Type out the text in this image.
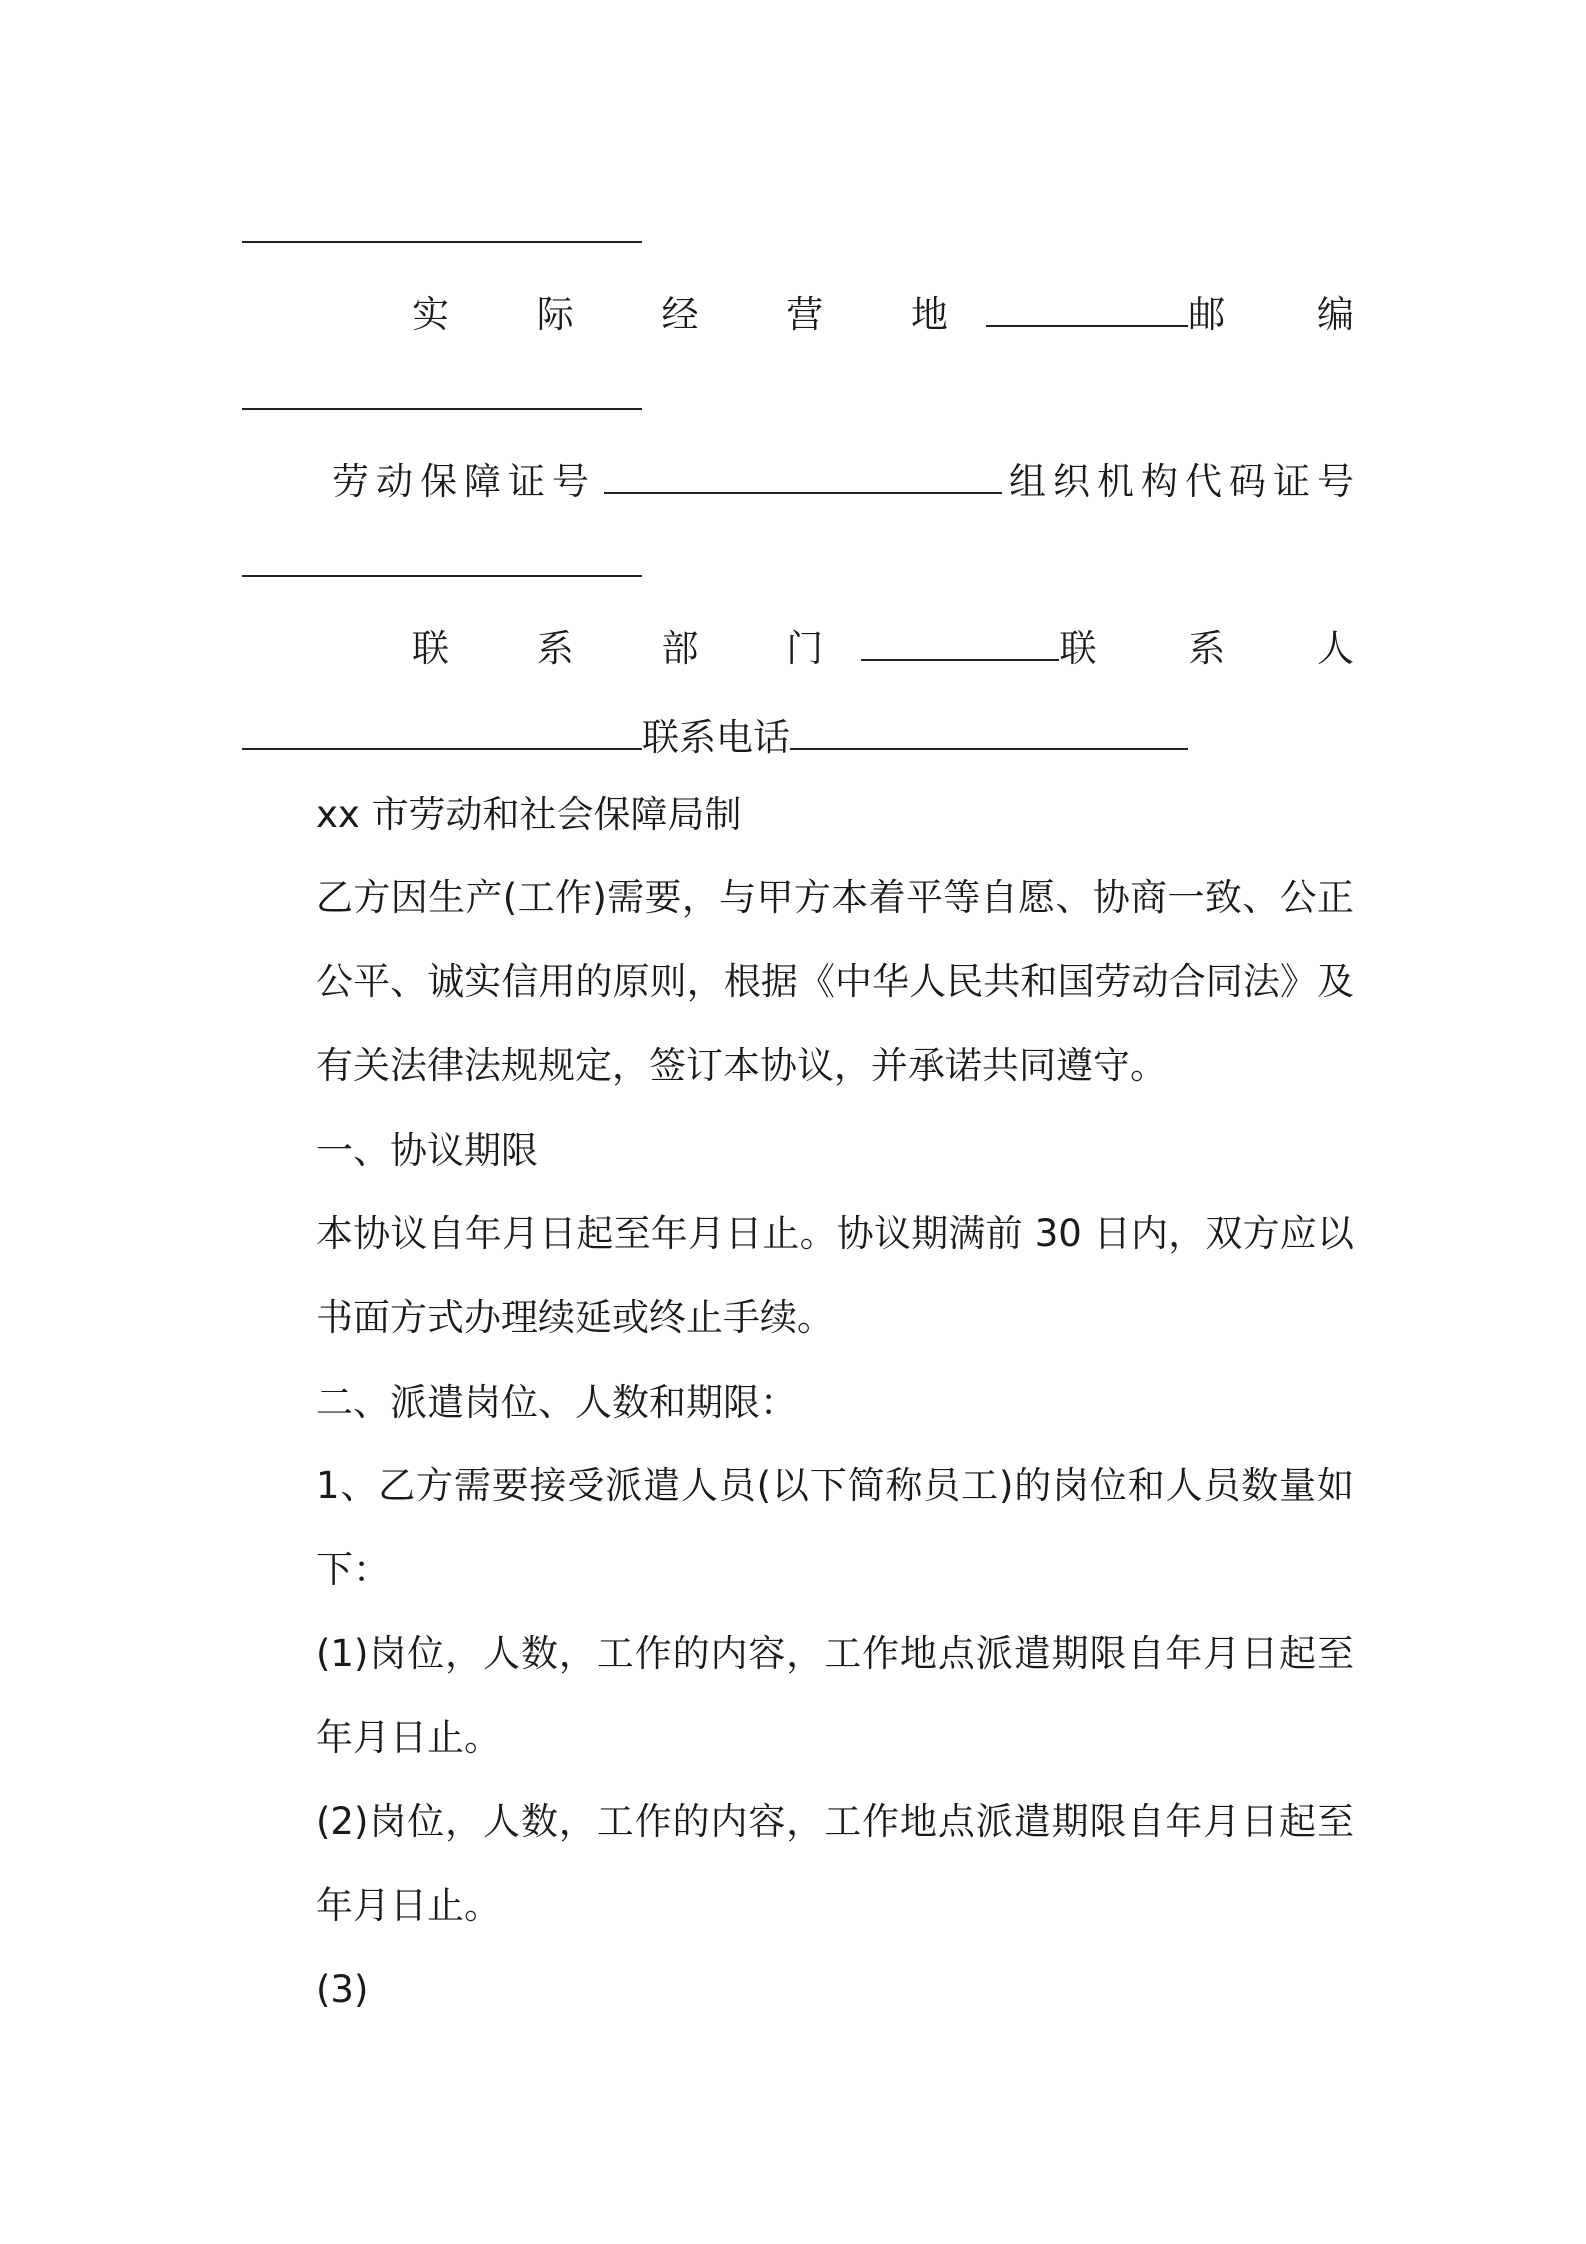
实 际 经 营 地	邮 编
劳动保障证号	组织机构代码证号
联 系 部 门	联 系 人
联系电话
xx 市劳动和社会保障局制
乙方因生产(工作)需要，与甲方本着平等自愿、协商一致、公正公平、诚实信用的原则，根据《中华人民共和国劳动合同法》及有关法律法规规定，签订本协议，并承诺共同遵守。
一、协议期限
本协议自年月日起至年月日止。协议期满前 30 日内，双方应以书面方式办理续延或终止手续。
二、派遣岗位、人数和期限：
1、乙方需要接受派遣人员(以下简称员工)的岗位和人员数量如下：
(1)岗位，人数，工作的内容，工作地点派遣期限自年月日起至年月日止。
(2)岗位，人数，工作的内容，工作地点派遣期限自年月日起至年月日止。
(3)
